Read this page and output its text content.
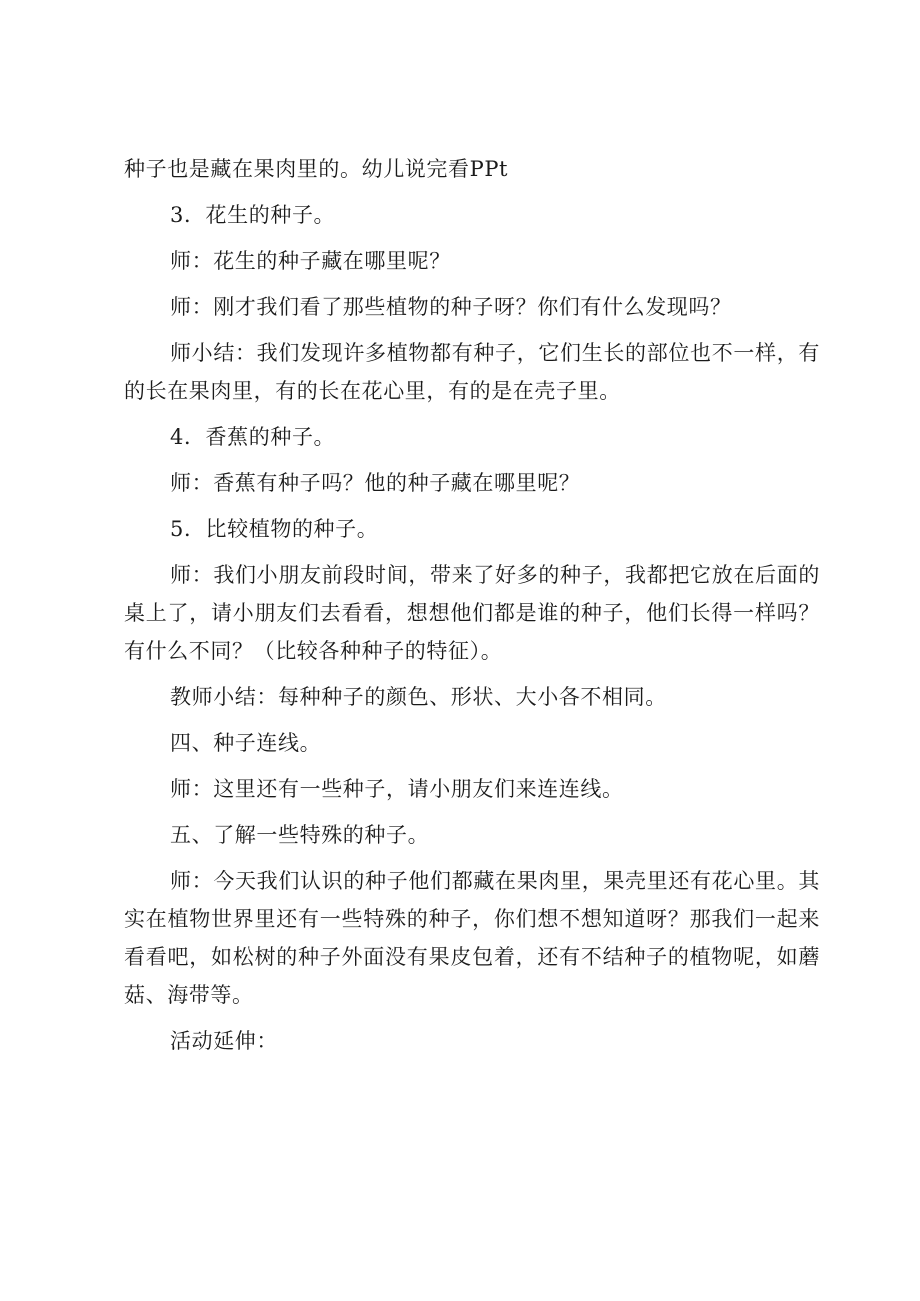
种子也是藏在果肉里的。幼儿说完看PPt

3．花生的种子。

师：花生的种子藏在哪里呢？

师：刚才我们看了那些植物的种子呀？你们有什么发现吗？

师小结：我们发现许多植物都有种子，它们生长的部位也不一样，有的长在果肉里，有的长在花心里，有的是在壳子里。

4．香蕉的种子。

师：香蕉有种子吗？他的种子藏在哪里呢？

5．比较植物的种子。

师：我们小朋友前段时间，带来了好多的种子，我都把它放在后面的桌上了，请小朋友们去看看，想想他们都是谁的种子，他们长得一样吗？有什么不同？（比较各种种子的特征）。

教师小结：每种种子的颜色、形状、大小各不相同。

四、种子连线。

师：这里还有一些种子，请小朋友们来连连线。

五、了解一些特殊的种子。

师：今天我们认识的种子他们都藏在果肉里，果壳里还有花心里。其实在植物世界里还有一些特殊的种子，你们想不想知道呀？那我们一起来看看吧，如松树的种子外面没有果皮包着，还有不结种子的植物呢，如蘑菇、海带等。

活动延伸：
